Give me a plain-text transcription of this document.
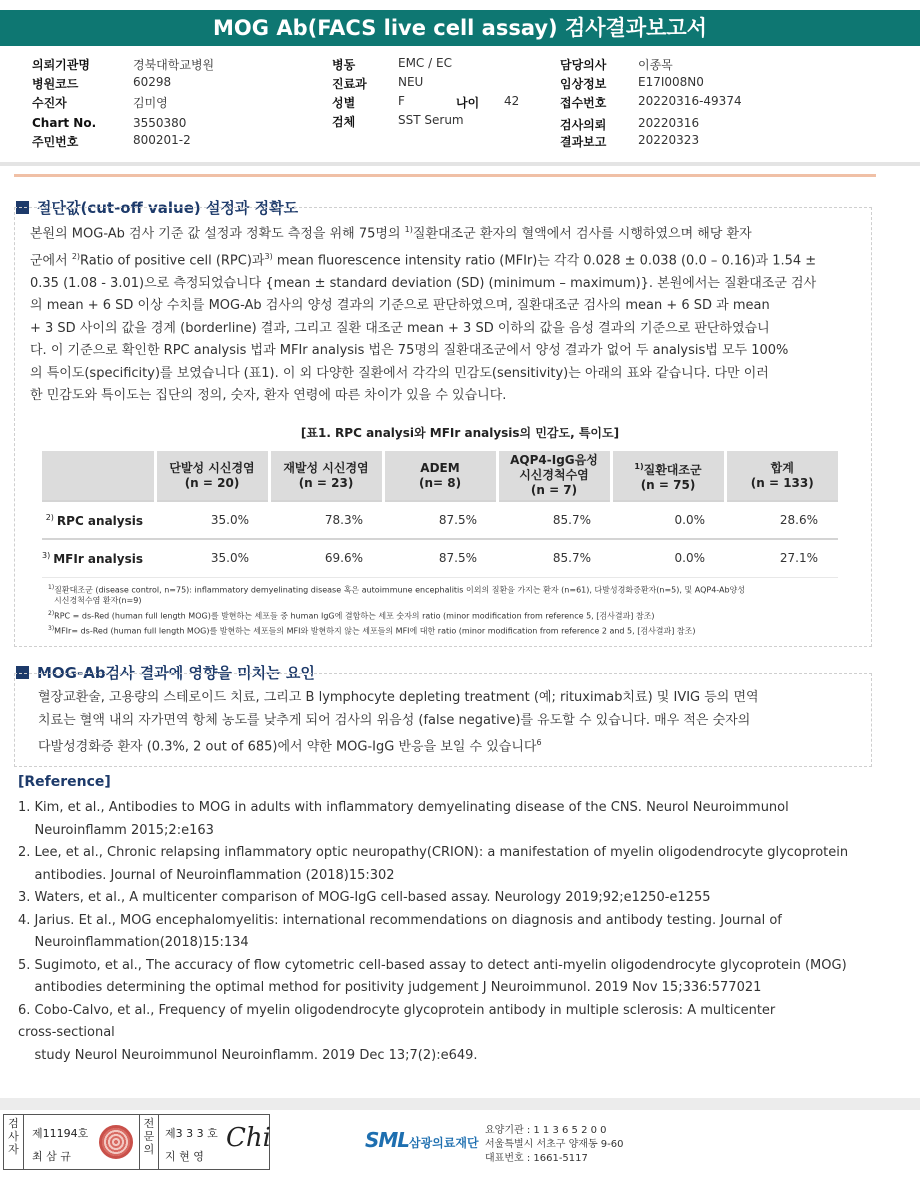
MOG Ab(FACS live cell assay) 검사결과보고서
의뢰기관명	경북대학교병원
병원코드	60298
수진자	김미영
Chart No.	3550380
주민번호	800201-2
병동	EMC / EC
진료과	NEU
성별	F	나이 42
검체	SST Serum
담당의사	이종목
임상정보	E17I008N0
접수번호	20220316-49374
검사의뢰	20220316
결과보고	20220323
절단값(cut-off value) 설정과 정확도
본원의 MOG-Ab 검사 기준 값 설정과 정확도 측정을 위해 75명의 $^{1)}$질환대조군 환자의 혈액에서 검사를 시행하였으며 해당 환자
군에서 $^{2)}$Ratio of positive cell (RPC)과$^{3)}$ mean fluorescence intensity ratio (MFIr)는 각각 0.028 ± 0.038 (0.0 – 0.16)과 1.54 ±
0.35 (1.08 - 3.01)으로 측정되었습니다 {mean ± standard deviation (SD) (minimum – maximum)}. 본원에서는 질환대조군 검사
의 mean + 6 SD 이상 수치를 MOG-Ab 검사의 양성 결과의 기준으로 판단하였으며, 질환대조군 검사의 mean + 6 SD 과 mean
+ 3 SD 사이의 값을 경계 (borderline) 결과, 그리고 질환 대조군 mean + 3 SD 이하의 값을 음성 결과의 기준으로 판단하였습니
다. 이 기준으로 확인한 RPC analysis 법과 MFIr analysis 법은 75명의 질환대조군에서 양성 결과가 없어 두 analysis법 모두 100%
의 특이도(specificity)를 보였습니다 (표1). 이 외 다양한 질환에서 각각의 민감도(sensitivity)는 아래의 표와 같습니다. 다만 이러
한 민감도와 특이도는 집단의 정의, 숫자, 환자 연령에 따른 차이가 있을 수 있습니다.
[표1. RPC analysi와 MFIr analysis의 민감도, 특이도]
	단발성 시신경염
(n = 20)	재발성 시신경염
(n = 23)	ADEM
(n= 8)	AQP4-IgG음성
시신경척수염
(n = 7)	$^{1)}$질환대조군
(n = 75)	합계
(n = 133)
$^{2)}$ RPC analysis	35.0%	78.3%	87.5%	85.7%	0.0%	28.6%
$^{3)}$ MFIr analysis	35.0%	69.6%	87.5%	85.7%	0.0%	27.1%
$^{1)}$질환대조군 (disease control, n=75): inflammatory demyelinating disease 혹은 autoimmune encephalitis 이외의 질환을 가지는 환자 (n=61), 다발성경화증환자(n=5), 및 AQP4-Ab양성
시신경척수염 환자(n=9)
$^{2)}$RPC = ds-Red (human full length MOG)를 발현하는 세포들 중 human IgG에 결합하는 세포 숫자의 ratio (minor modification from reference 5, [검사결과] 참조)
$^{3)}$MFIr= ds-Red (human full length MOG)를 발현하는 세포들의 MFI와 발현하지 않는 세포들의 MFI에 대한 ratio (minor modification from reference 2 and 5, [검사결과] 참조)
MOG-Ab검사 결과에 영향을 미치는 요인
혈장교환술, 고용량의 스테로이드 치료, 그리고 B lymphocyte depleting treatment (예; rituximab치료) 및 IVIG 등의 면역
치료는 혈액 내의 자가면역 항체 농도를 낮추게 되어 검사의 위음성 (false negative)를 유도할 수 있습니다. 매우 적은 숫자의
다발성경화증 환자 (0.3%, 2 out of 685)에서 약한 MOG-IgG 반응을 보일 수 있습니다$^6$
[Reference]
1. Kim, et al., Antibodies to MOG in adults with inflammatory demyelinating disease of the CNS. Neurol Neuroimmunol
Neuroinflamm 2015;2:e163
2. Lee, et al., Chronic relapsing inflammatory optic neuropathy(CRION): a manifestation of myelin oligodendrocyte glycoprotein
antibodies. Journal of Neuroinflammation (2018)15:302
3. Waters, et al., A multicenter comparison of MOG-IgG cell-based assay. Neurology 2019;92;e1250-e1255
4. Jarius. Et al., MOG encephalomyelitis: international recommendations on diagnosis and antibody testing. Journal of
Neuroinflammation(2018)15:134
5. Sugimoto, et al., The accuracy of flow cytometric cell-based assay to detect anti-myelin oligodendrocyte glycoprotein (MOG)
antibodies determining the optimal method for positivity judgement J Neuroimmunol. 2019 Nov 15;336:577021
6. Cobo-Calvo, et al., Frequency of myelin oligodendrocyte glycoprotein antibody in multiple sclerosis: A multicenter
cross-sectional
study Neurol Neuroimmunol Neuroinflamm. 2019 Dec 13;7(2):e649.
검사자
제11194호
최 삼 규
전문의
제3 3 3 호
지 현 영
Chi	SML 삼광의료재단
요양기관 : 1 1 3 6 5 2 0 0
서울특별시 서초구 양재동 9-60
대표번호 : 1661-5117
